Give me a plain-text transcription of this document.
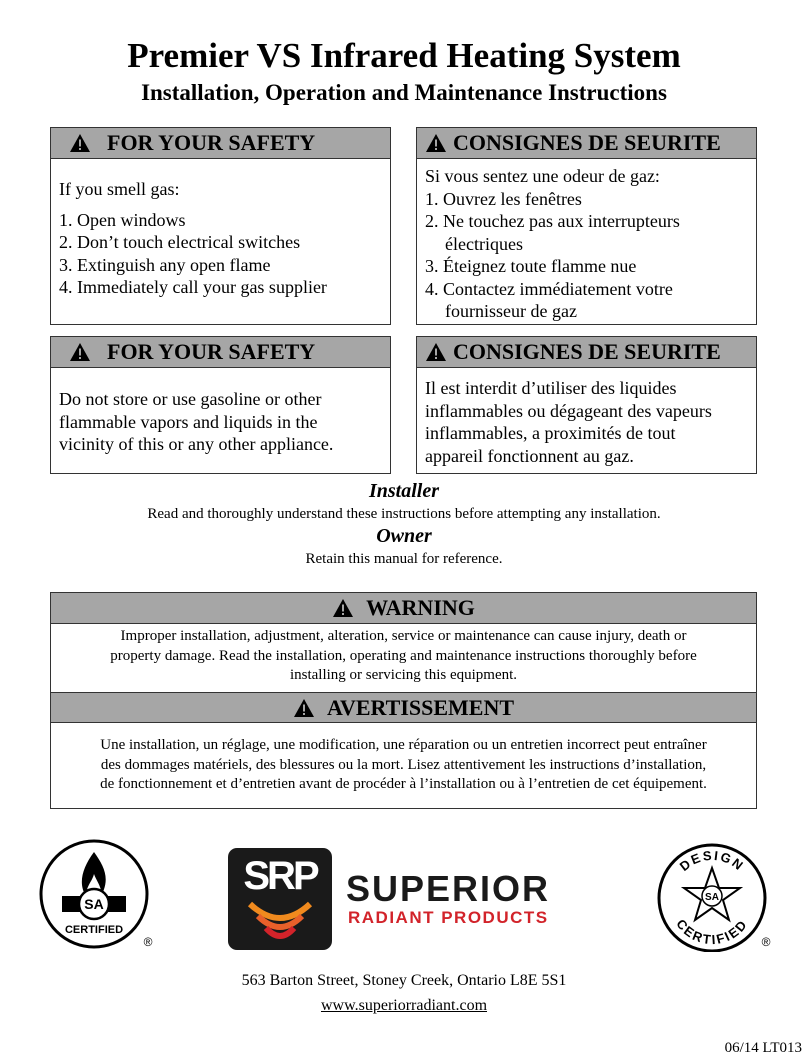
Premier VS Infrared Heating System
Installation, Operation and Maintenance Instructions
FOR YOUR SAFETY

If you smell gas:

1. Open windows

2. Don’t touch electrical switches

3. Extinguish any open flame

4. Immediately call your gas supplier

CONSIGNES DE SEURITE

Si vous sentez une odeur de gaz:

1. Ouvrez les fenêtres

2. Ne touchez pas aux interrupteurs

électriques

3. Éteignez toute flamme nue

4. Contactez immédiatement votre

fournisseur de gaz

FOR YOUR SAFETY

Do not store or use gasoline or other

flammable vapors and liquids in the

vicinity of this or any other appliance.

CONSIGNES DE SEURITE

Il est interdit d’utiliser des liquides

inflammables ou dégageant des vapeurs

inflammables, a proximités de tout

appareil fonctionnent au gaz.

Installer
Read and thoroughly understand these instructions before attempting any installation.
Owner
Retain this manual for reference.
WARNING
Improper installation, adjustment, alteration, service or maintenance can cause injury, death or
property damage. Read the installation, operating and maintenance instructions thoroughly before
installing or servicing this equipment.
AVERTISSEMENT
Une installation, un réglage, une modification, une réparation ou un entretien incorrect peut entraîner
des dommages matériels, des blessures ou la mort. Lisez attentivement les instructions d’installation,
de fonctionnement et d’entretien avant de procéder à l’installation ou à l’entretien de cet équipement.
SA
CERTIFIED
®
SRP SUPERIOR
RADIANT PRODUCTS
DESIGN
CERTIFIED
SA
®
563 Barton Street, Stoney Creek, Ontario L8E 5S1
www.superiorradiant.com
06/14 LT013
